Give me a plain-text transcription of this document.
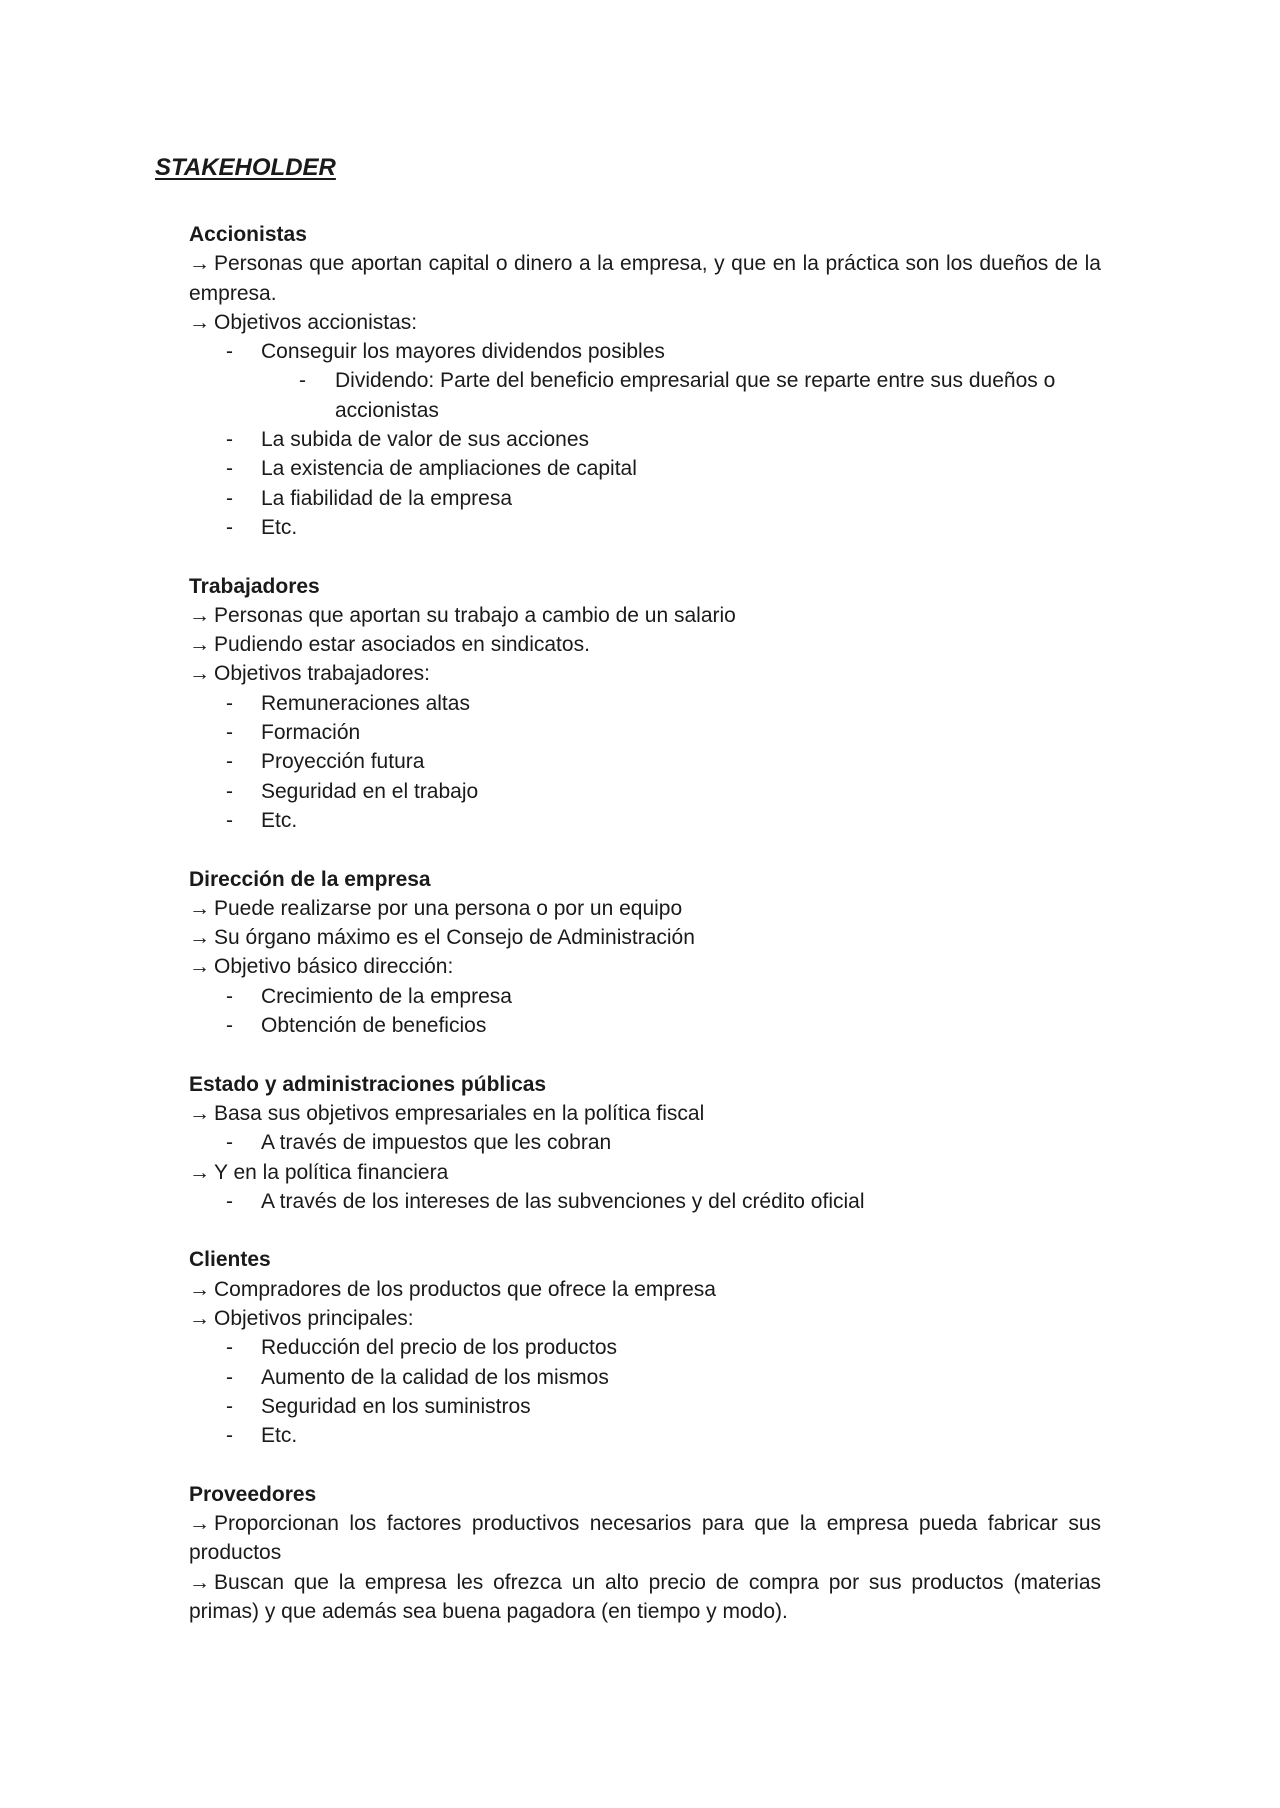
STAKEHOLDER

Accionistas

→ Personas que aportan capital o dinero a la empresa, y que en la práctica son los dueños de la empresa.

→ Objetivos accionistas:

- Conseguir los mayores dividendos posibles
- Dividendo: Parte del beneficio empresarial que se reparte entre sus dueños o accionistas
- La subida de valor de sus acciones
- La existencia de ampliaciones de capital
- La fiabilidad de la empresa
- Etc.

Trabajadores

→ Personas que aportan su trabajo a cambio de un salario

→ Pudiendo estar asociados en sindicatos.

→ Objetivos trabajadores:

- Remuneraciones altas
- Formación
- Proyección futura
- Seguridad en el trabajo
- Etc.

Dirección de la empresa

→ Puede realizarse por una persona o por un equipo

→ Su órgano máximo es el Consejo de Administración

→ Objetivo básico dirección:

- Crecimiento de la empresa
- Obtención de beneficios

Estado y administraciones públicas

→ Basa sus objetivos empresariales en la política fiscal

- A través de impuestos que les cobran

→ Y en la política financiera

- A través de los intereses de las subvenciones y del crédito oficial

Clientes

→ Compradores de los productos que ofrece la empresa

→ Objetivos principales:

- Reducción del precio de los productos
- Aumento de la calidad de los mismos
- Seguridad en los suministros
- Etc.

Proveedores

→ Proporcionan los factores productivos necesarios para que la empresa pueda fabricar sus productos

→ Buscan que la empresa les ofrezca un alto precio de compra por sus productos (materias primas) y que además sea buena pagadora (en tiempo y modo).
